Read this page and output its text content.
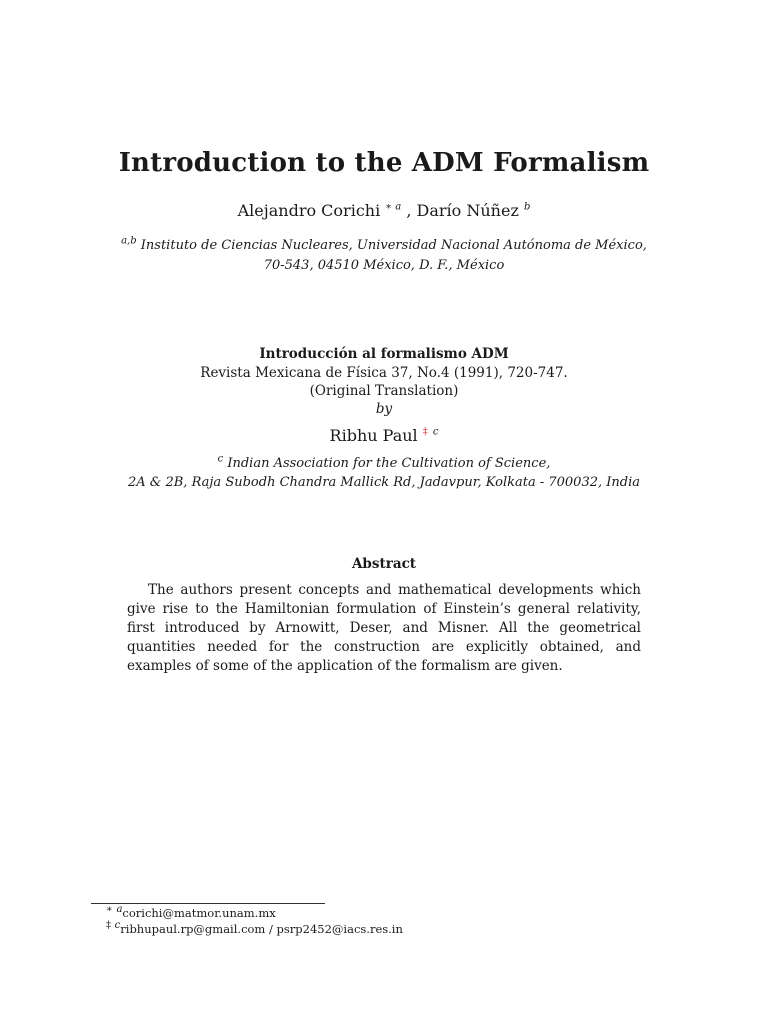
Introduction to the ADM Formalism
Alejandro Corichi $^{∗ a}$ , Darío Núñez $^b$
$^{a,b}$ Instituto de Ciencias Nucleares, Universidad Nacional Autónoma de México,
70-543, 04510 México, D. F., México
Introducción al formalismo ADM
Revista Mexicana de Física 37, No.4 (1991), 720-747.
(Original Translation)
by
Ribhu Paul ‡ $^c$
$^c$ Indian Association for the Cultivation of Science,
2A & 2B, Raja Subodh Chandra Mallick Rd, Jadavpur, Kolkata - 700032, India
Abstract
The authors present concepts and mathematical developments which give rise to the Hamiltonian formulation of Einstein’s general relativity, first introduced by Arnowitt, Deser, and Misner. All the geometrical quantities needed for the construction are explicitly obtained, and examples of some of the application of the formalism are given.
∗ $^a$corichi@matmor.unam.mx
‡ $^c$ribhupaul.rp@gmail.com / psrp2452@iacs.res.in
